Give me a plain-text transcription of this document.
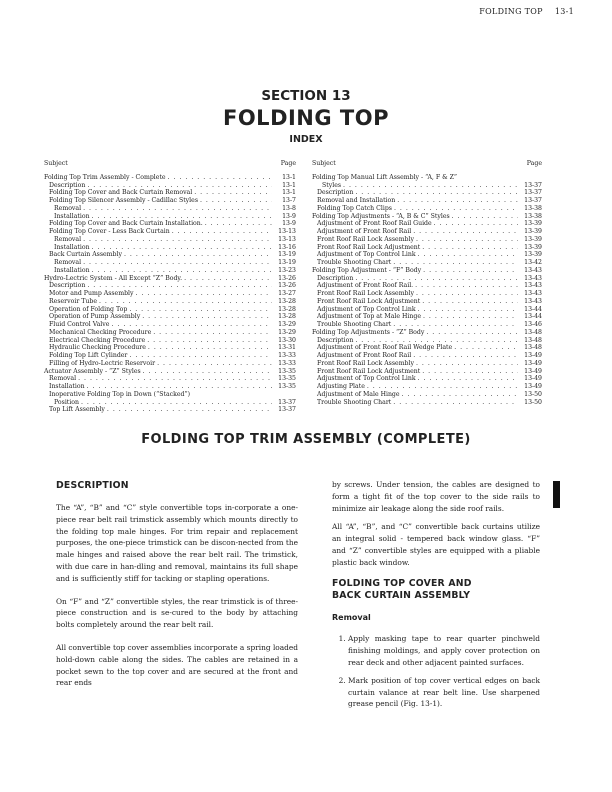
FOLDING TOP 13-1
SECTION 13
FOLDING TOP
INDEX
Subject	Page
Folding Top Trim Assembly - Complete . . .	13-1
Description . . .	13-1
Folding Top Cover and Back Curtain Removal . . .	13-1
Folding Top Silencer Assembly - Cadillac Styles . . .	13-7
Removal . . .	13-8
Installation . . .	13-9
Folding Top Cover and Back Curtain Installation. . . .	13-9
Folding Top Cover - Less Back Curtain . . .	13-13
Removal . . .	13-13
Installation . . .	13-16
Back Curtain Assembly . . .	13-19
Removal . . .	13-19
Installation . . .	13-23
Hydro-Lectric System - All Except “Z” Body. . . .	13-26
Description . . .	13-26
Motor and Pump Assembly . . .	13-27
Reservoir Tube . . .	13-28
Operation of Folding Top . . .	13-28
Operation of Pump Assembly . . .	13-28
Fluid Control Valve . . .	13-29
Mechanical Checking Procedure . . .	13-29
Electrical Checking Procedure . . .	13-30
Hydraulic Checking Procedure . . .	13-31
Folding Top Lift Cylinder . . .	13-33
Filling of Hydro-Lectric Reservoir . . .	13-33
Actuator Assembly - “Z” Styles . . .	13-35
Removal . . .	13-35
Installation . . .	13-35
Inoperative Folding Top in Down (“Stacked”)
Position . . .	13-37
Top Lift Assembly . . .	13-37
Subject	Page
Folding Top Manual Lift Assembly - “A, F & Z”
Styles . . .	13-37
Description . . .	13-37
Removal and Installation . . .	13-37
Folding Top Catch Clips . . .	13-38
Folding Top Adjustments - “A, B & C” Styles . . .	13-38
Adjustment of Front Roof Rail Guide . . .	13-39
Adjustment of Front Roof Rail . . .	13-39
Front Roof Rail Lock Assembly . . .	13-39
Front Roof Rail Lock Adjustment . . .	13-39
Adjustment of Top Control Link . . .	13-39
Trouble Shooting Chart . . .	13-42
Folding Top Adjustment - “F” Body . . .	13-43
Description . . .	13-43
Adjustment of Front Roof Rail. . . .	13-43
Front Roof Rail Lock Assembly . . .	13-43
Front Roof Rail Lock Adjustment . . .	13-43
Adjustment of Top Control Link . . .	13-44
Adjustment of Top at Male Hinge . . .	13-44
Trouble Shooting Chart . . .	13-46
Folding Top Adjustments - “Z” Body . . .	13-48
Description . . .	13-48
Adjustment of Front Roof Rail Wedge Plate . . .	13-48
Adjustment of Front Roof Rail . . .	13-49
Front Roof Rail Lock Assembly . . .	13-49
Front Roof Rail Lock Adjustment . . .	13-49
Adjustment of Top Control Link . . .	13-49
Adjusting Plate . . .	13-49
Adjustment of Male Hinge . . .	13-50
Trouble Shooting Chart . . .	13-50
FOLDING TOP TRIM ASSEMBLY (COMPLETE)
DESCRIPTION

The “A”, “B” and “C” style convertible tops in-corporate a one-piece rear belt rail trimstick assembly which mounts directly to the folding top male hinges. For trim repair and replacement purposes, the one-piece trimstick can be discon-nected from the male hinges and raised above the rear belt rail. The trimstick, with due care in han-dling and removal, maintains its full shape and is sufficiently stiff for tacking or stapling operations.

On “F” and “Z” convertible styles, the rear trimstick is of three-piece construction and is se-cured to the body by attaching bolts completely around the rear belt rail.

All convertible top cover assemblies incorporate a spring loaded hold-down cable along the sides. The cables are retained in a pocket sewn to the top cover and are secured at the front and rear ends

by screws. Under tension, the cables are designed to form a tight fit of the top cover to the side rails to minimize air leakage along the side roof rails.

All “A”, “B”, and “C” convertible back curtains utilize an integral solid - tempered back window glass. “F” and “Z” convertible styles are equipped with a pliable plastic back window.

FOLDING TOP COVER AND
BACK CURTAIN ASSEMBLY
Removal
1. Apply masking tape to rear quarter pinchweld finishing moldings, and apply cover protection on rear deck and other adjacent painted surfaces.
2. Mark position of top cover vertical edges on back curtain valance at rear belt line. Use sharpened grease pencil (Fig. 13-1).
